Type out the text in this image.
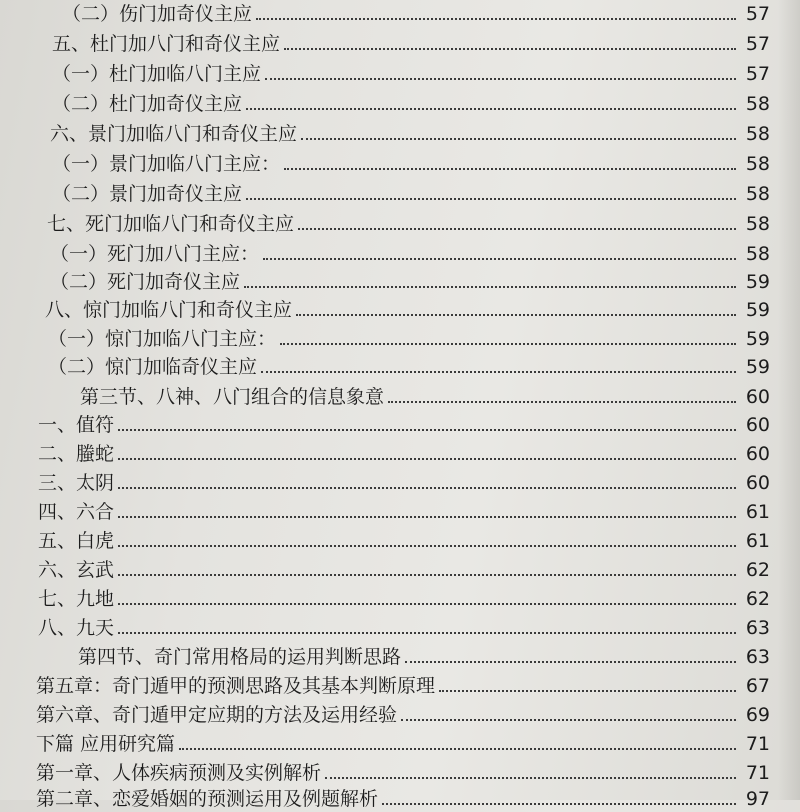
（二）伤门加奇仪主应	57
五、杜门加八门和奇仪主应	57
（一）杜门加临八门主应	57
（二）杜门加奇仪主应	58
六、景门加临八门和奇仪主应	58
（一）景门加临八门主应：	58
（二）景门加奇仪主应	58
七、死门加临八门和奇仪主应	58
（一）死门加八门主应：	58
（二）死门加奇仪主应	59
八、惊门加临八门和奇仪主应	59
（一）惊门加临八门主应：	59
（二）惊门加临奇仪主应	59
第三节、八神、八门组合的信息象意	60
一、值符	60
二、螣蛇	60
三、太阴	60
四、六合	61
五、白虎	61
六、玄武	62
七、九地	62
八、九天	63
第四节、奇门常用格局的运用判断思路	63
第五章：奇门遁甲的预测思路及其基本判断原理	67
第六章、奇门遁甲定应期的方法及运用经验	69
下篇 应用研究篇	71
第一章、人体疾病预测及实例解析	71
第二章、恋爱婚姻的预测运用及例题解析	97
